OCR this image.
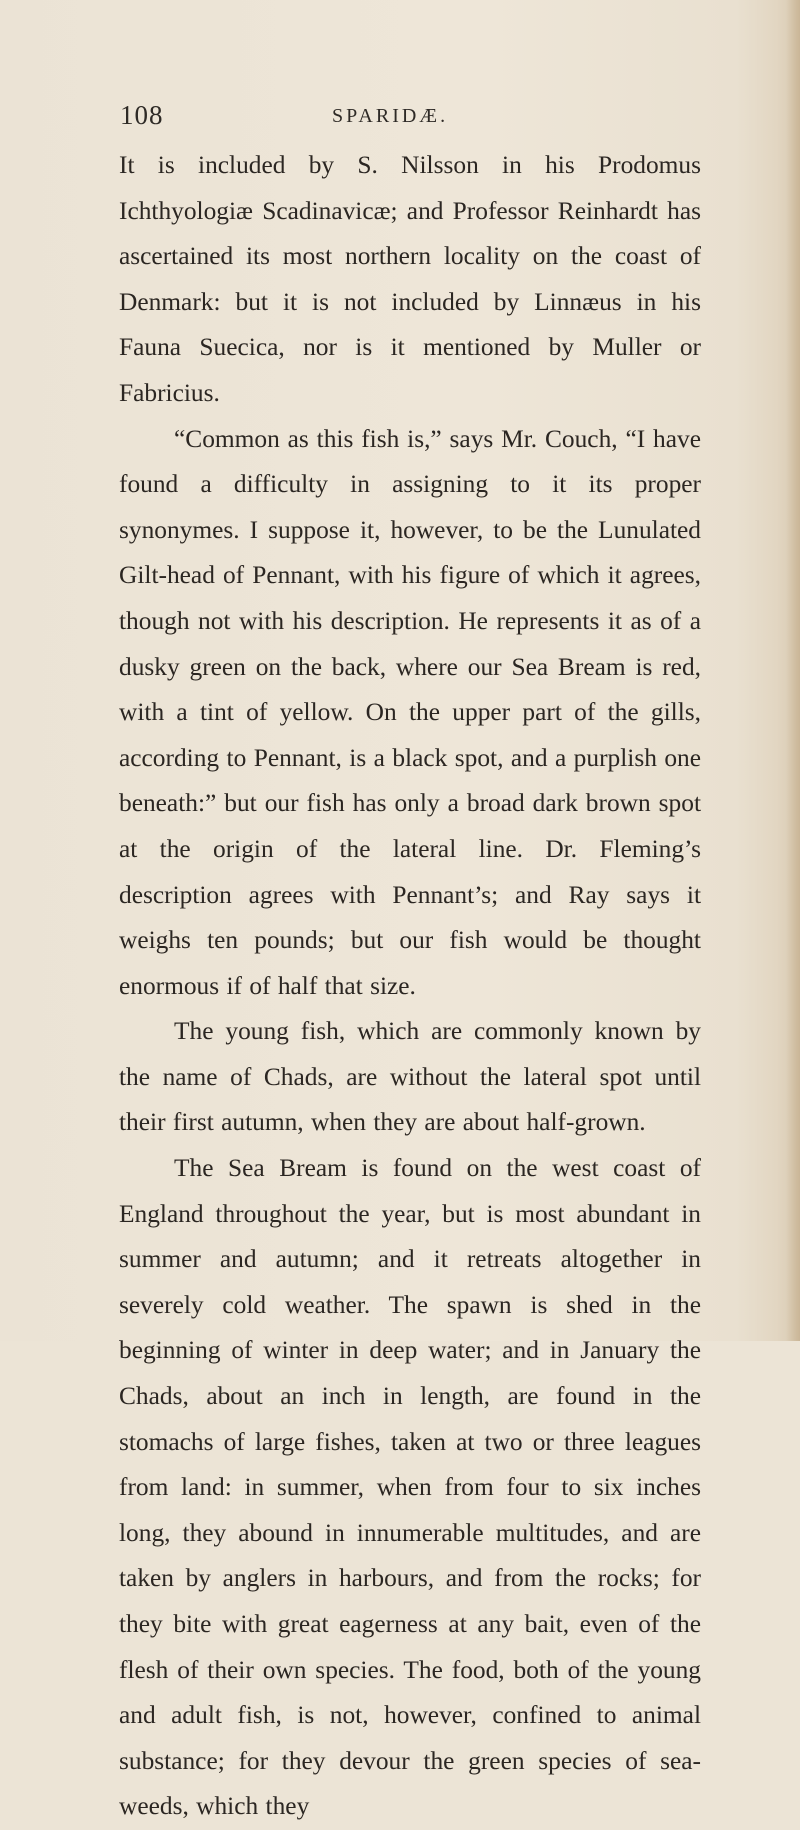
108	SPARIDÆ.

It is included by S. Nilsson in his Prodomus Ichthyologiæ Scadinavicæ; and Professor Reinhardt has ascertained its most northern locality on the coast of Denmark: but it is not included by Linnæus in his Fauna Suecica, nor is it mentioned by Muller or Fabricius.

“Common as this fish is,” says Mr. Couch, “I have found a difficulty in assigning to it its proper synonymes. I suppose it, however, to be the Lunulated Gilt-head of Pennant, with his figure of which it agrees, though not with his description. He represents it as of a dusky green on the back, where our Sea Bream is red, with a tint of yellow. On the upper part of the gills, according to Pennant, is a black spot, and a purplish one beneath:” but our fish has only a broad dark brown spot at the origin of the lateral line. Dr. Fleming’s description agrees with Pennant’s; and Ray says it weighs ten pounds; but our fish would be thought enormous if of half that size.

The young fish, which are commonly known by the name of Chads, are without the lateral spot until their first autumn, when they are about half-grown.

The Sea Bream is found on the west coast of England throughout the year, but is most abundant in summer and autumn; and it retreats altogether in severely cold weather. The spawn is shed in the beginning of winter in deep water; and in January the Chads, about an inch in length, are found in the stomachs of large fishes, taken at two or three leagues from land: in summer, when from four to six inches long, they abound in innumerable multitudes, and are taken by anglers in harbours, and from the rocks; for they bite with great eagerness at any bait, even of the flesh of their own species. The food, both of the young and adult fish, is not, however, confined to animal substance; for they devour the green species of sea-weeds, which they
